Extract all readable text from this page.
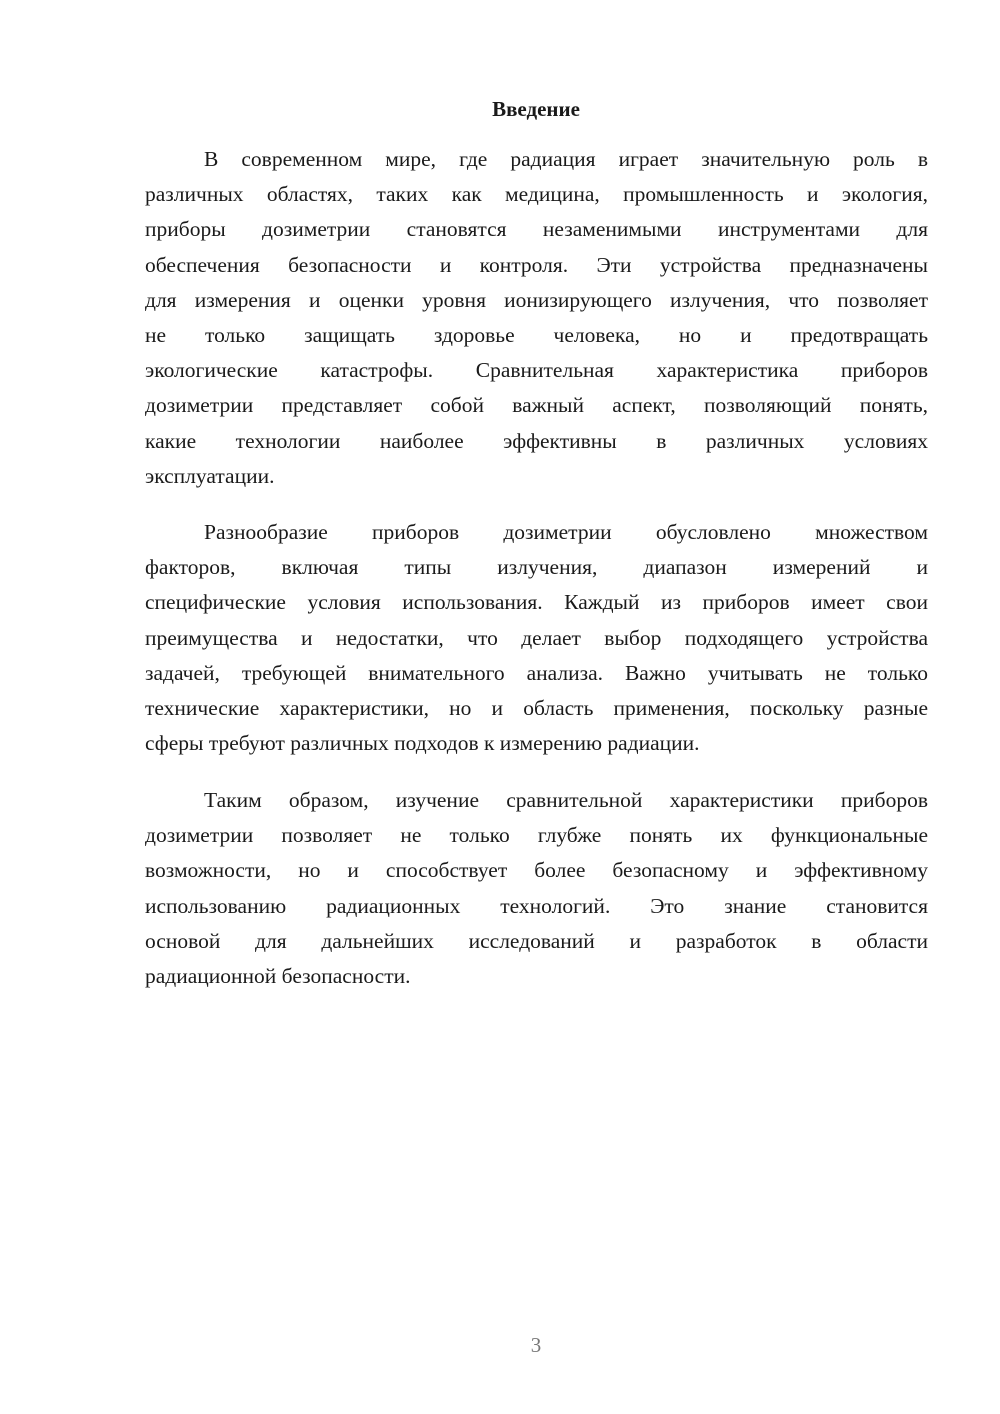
Введение
В современном мире, где радиация играет значительную роль в
различных областях, таких как медицина, промышленность и экология,
приборы дозиметрии становятся незаменимыми инструментами для
обеспечения безопасности и контроля. Эти устройства предназначены
для измерения и оценки уровня ионизирующего излучения, что позволяет
не только защищать здоровье человека, но и предотвращать
экологические катастрофы. Сравнительная характеристика приборов
дозиметрии представляет собой важный аспект, позволяющий понять,
какие технологии наиболее эффективны в различных условиях
эксплуатации.
Разнообразие приборов дозиметрии обусловлено множеством
факторов, включая типы излучения, диапазон измерений и
специфические условия использования. Каждый из приборов имеет свои
преимущества и недостатки, что делает выбор подходящего устройства
задачей, требующей внимательного анализа. Важно учитывать не только
технические характеристики, но и область применения, поскольку разные
сферы требуют различных подходов к измерению радиации.
Таким образом, изучение сравнительной характеристики приборов
дозиметрии позволяет не только глубже понять их функциональные
возможности, но и способствует более безопасному и эффективному
использованию радиационных технологий. Это знание становится
основой для дальнейших исследований и разработок в области
радиационной безопасности.
3
